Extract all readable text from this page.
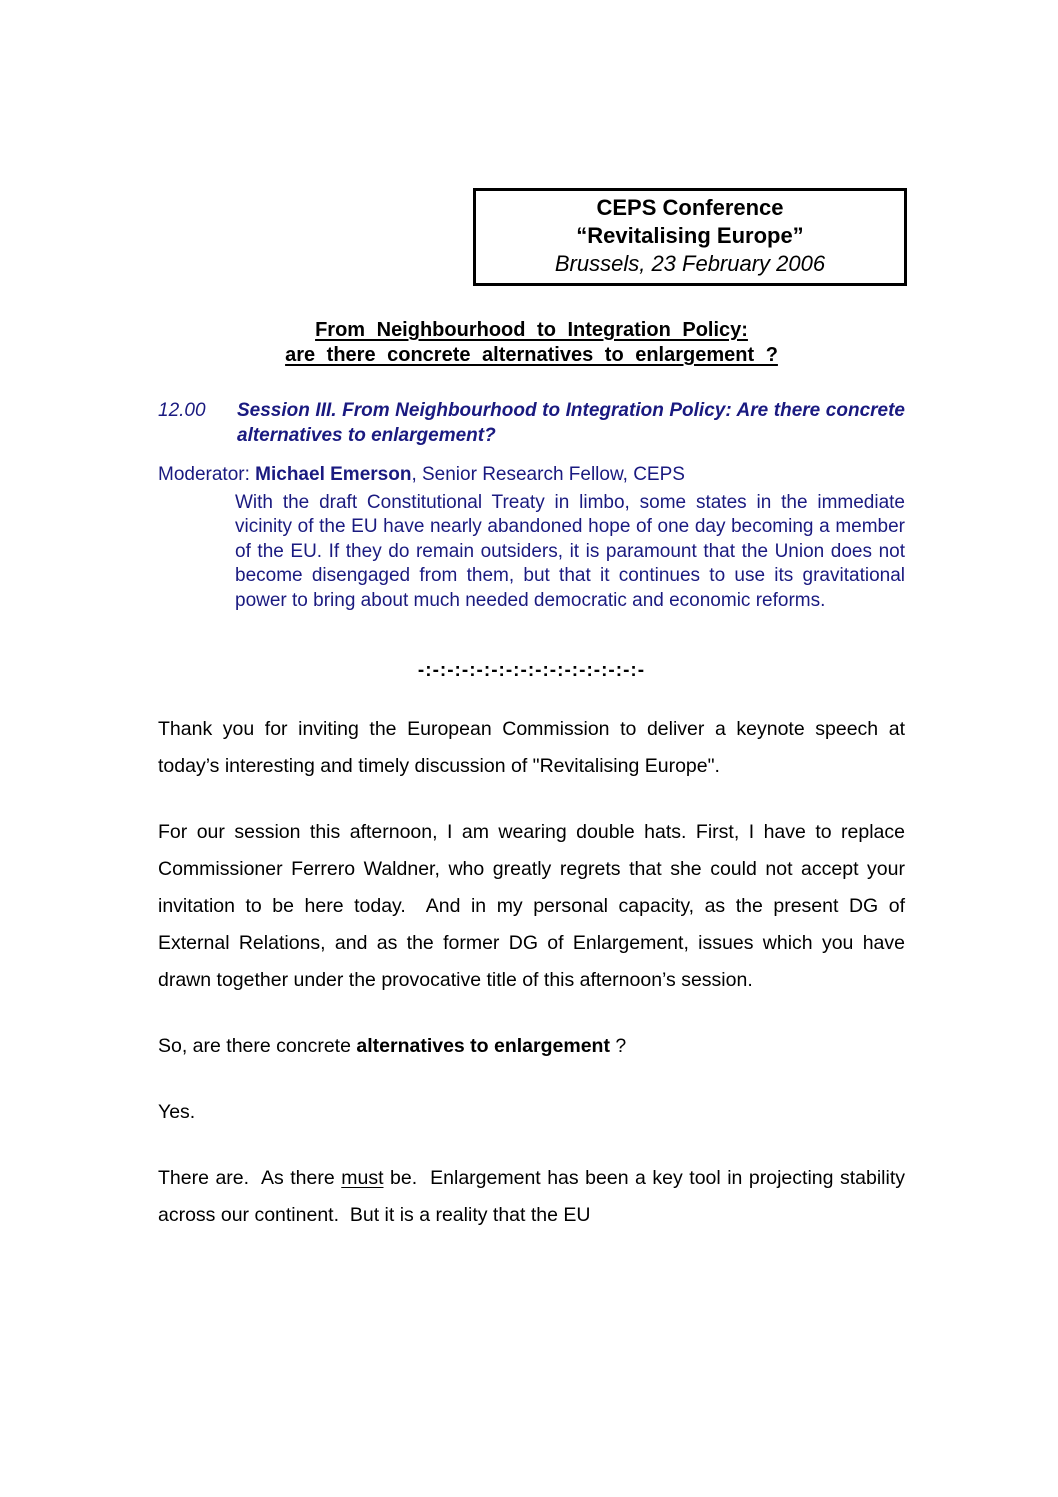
CEPS Conference
“Revitalising Europe”
Brussels, 23 February 2006
From Neighbourhood to Integration Policy:
are there concrete alternatives to enlargement ?
12.00 Session III. From Neighbourhood to Integration Policy: Are there concrete alternatives to enlargement?
Moderator: Michael Emerson, Senior Research Fellow, CEPS

With the draft Constitutional Treaty in limbo, some states in the immediate vicinity of the EU have nearly abandoned hope of one day becoming a member of the EU. If they do remain outsiders, it is paramount that the Union does not become disengaged from them, but that it continues to use its gravitational power to bring about much needed democratic and economic reforms.

-:-:-:-:-:-:-:-:-:-:-:-:-:-:-:-

Thank you for inviting the European Commission to deliver a keynote speech at today’s interesting and timely discussion of "Revitalising Europe".

For our session this afternoon, I am wearing double hats. First, I have to replace Commissioner Ferrero Waldner, who greatly regrets that she could not accept your invitation to be here today.  And in my personal capacity, as the present DG of External Relations, and as the former DG of Enlargement, issues which you have drawn together under the provocative title of this afternoon’s session.

So, are there concrete alternatives to enlargement ?

Yes.

There are.  As there must be.  Enlargement has been a key tool in projecting stability across our continent.  But it is a reality that the EU
